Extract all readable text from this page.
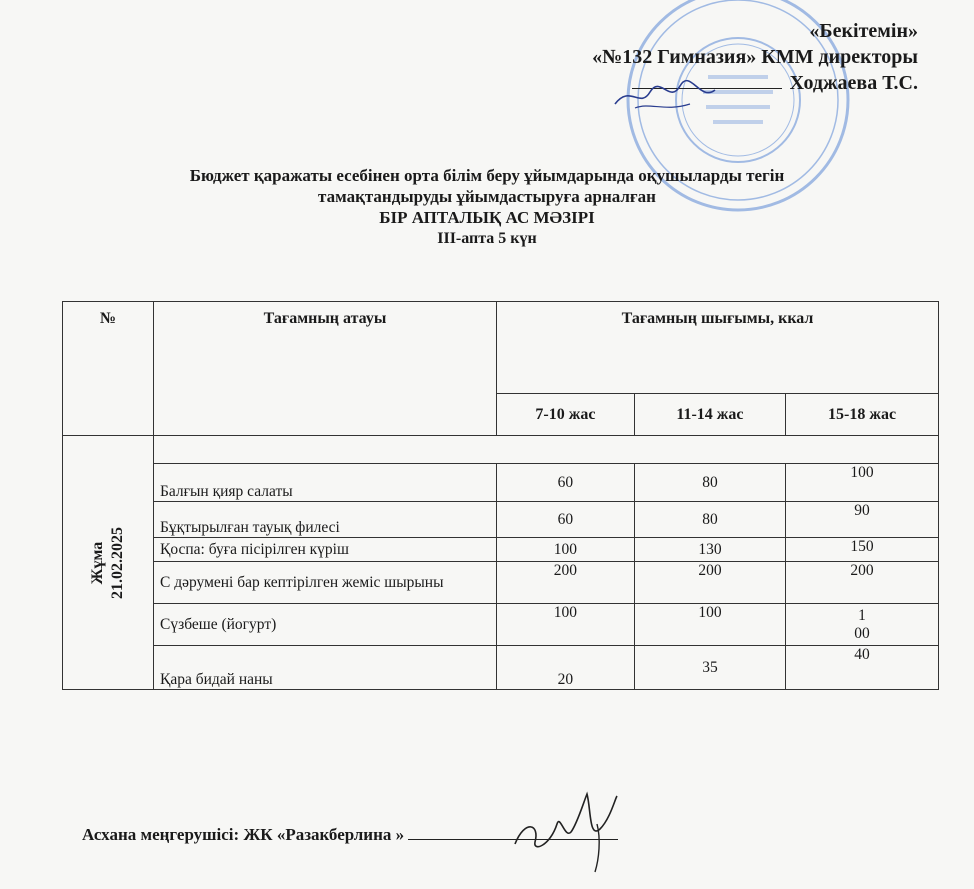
«Бекітемін»
«№132 Гимназия» КММ директоры
Ходжаева Т.С.
Бюджет қаражаты есебінен орта білім беру ұйымдарында оқушыларды тегін
тамақтандыруды ұйымдастыруға арналған
БІР АПТАЛЫҚ АС МӘЗІРІ
ІІІ-апта 5 күн
№	Тағамның атауы	Тағамның шығымы, ккал		
		7-10 жас	11-14 жас	15-18 жас
Жұма 21.02.2025				
	Балғын қияр салаты	60	80	100
	Бұқтырылған тауық филесі	60	80	90
	Қоспа: буға пісірілген күріш	100	130	150
	С дәрумені бар кептірілген жеміс шырыны	200	200	200
	Сүзбеше (йогурт)	100	100	1
00
	Қара бидай наны	20	35	40
Асхана меңгерушісі: ЖК «Разакберлина »
